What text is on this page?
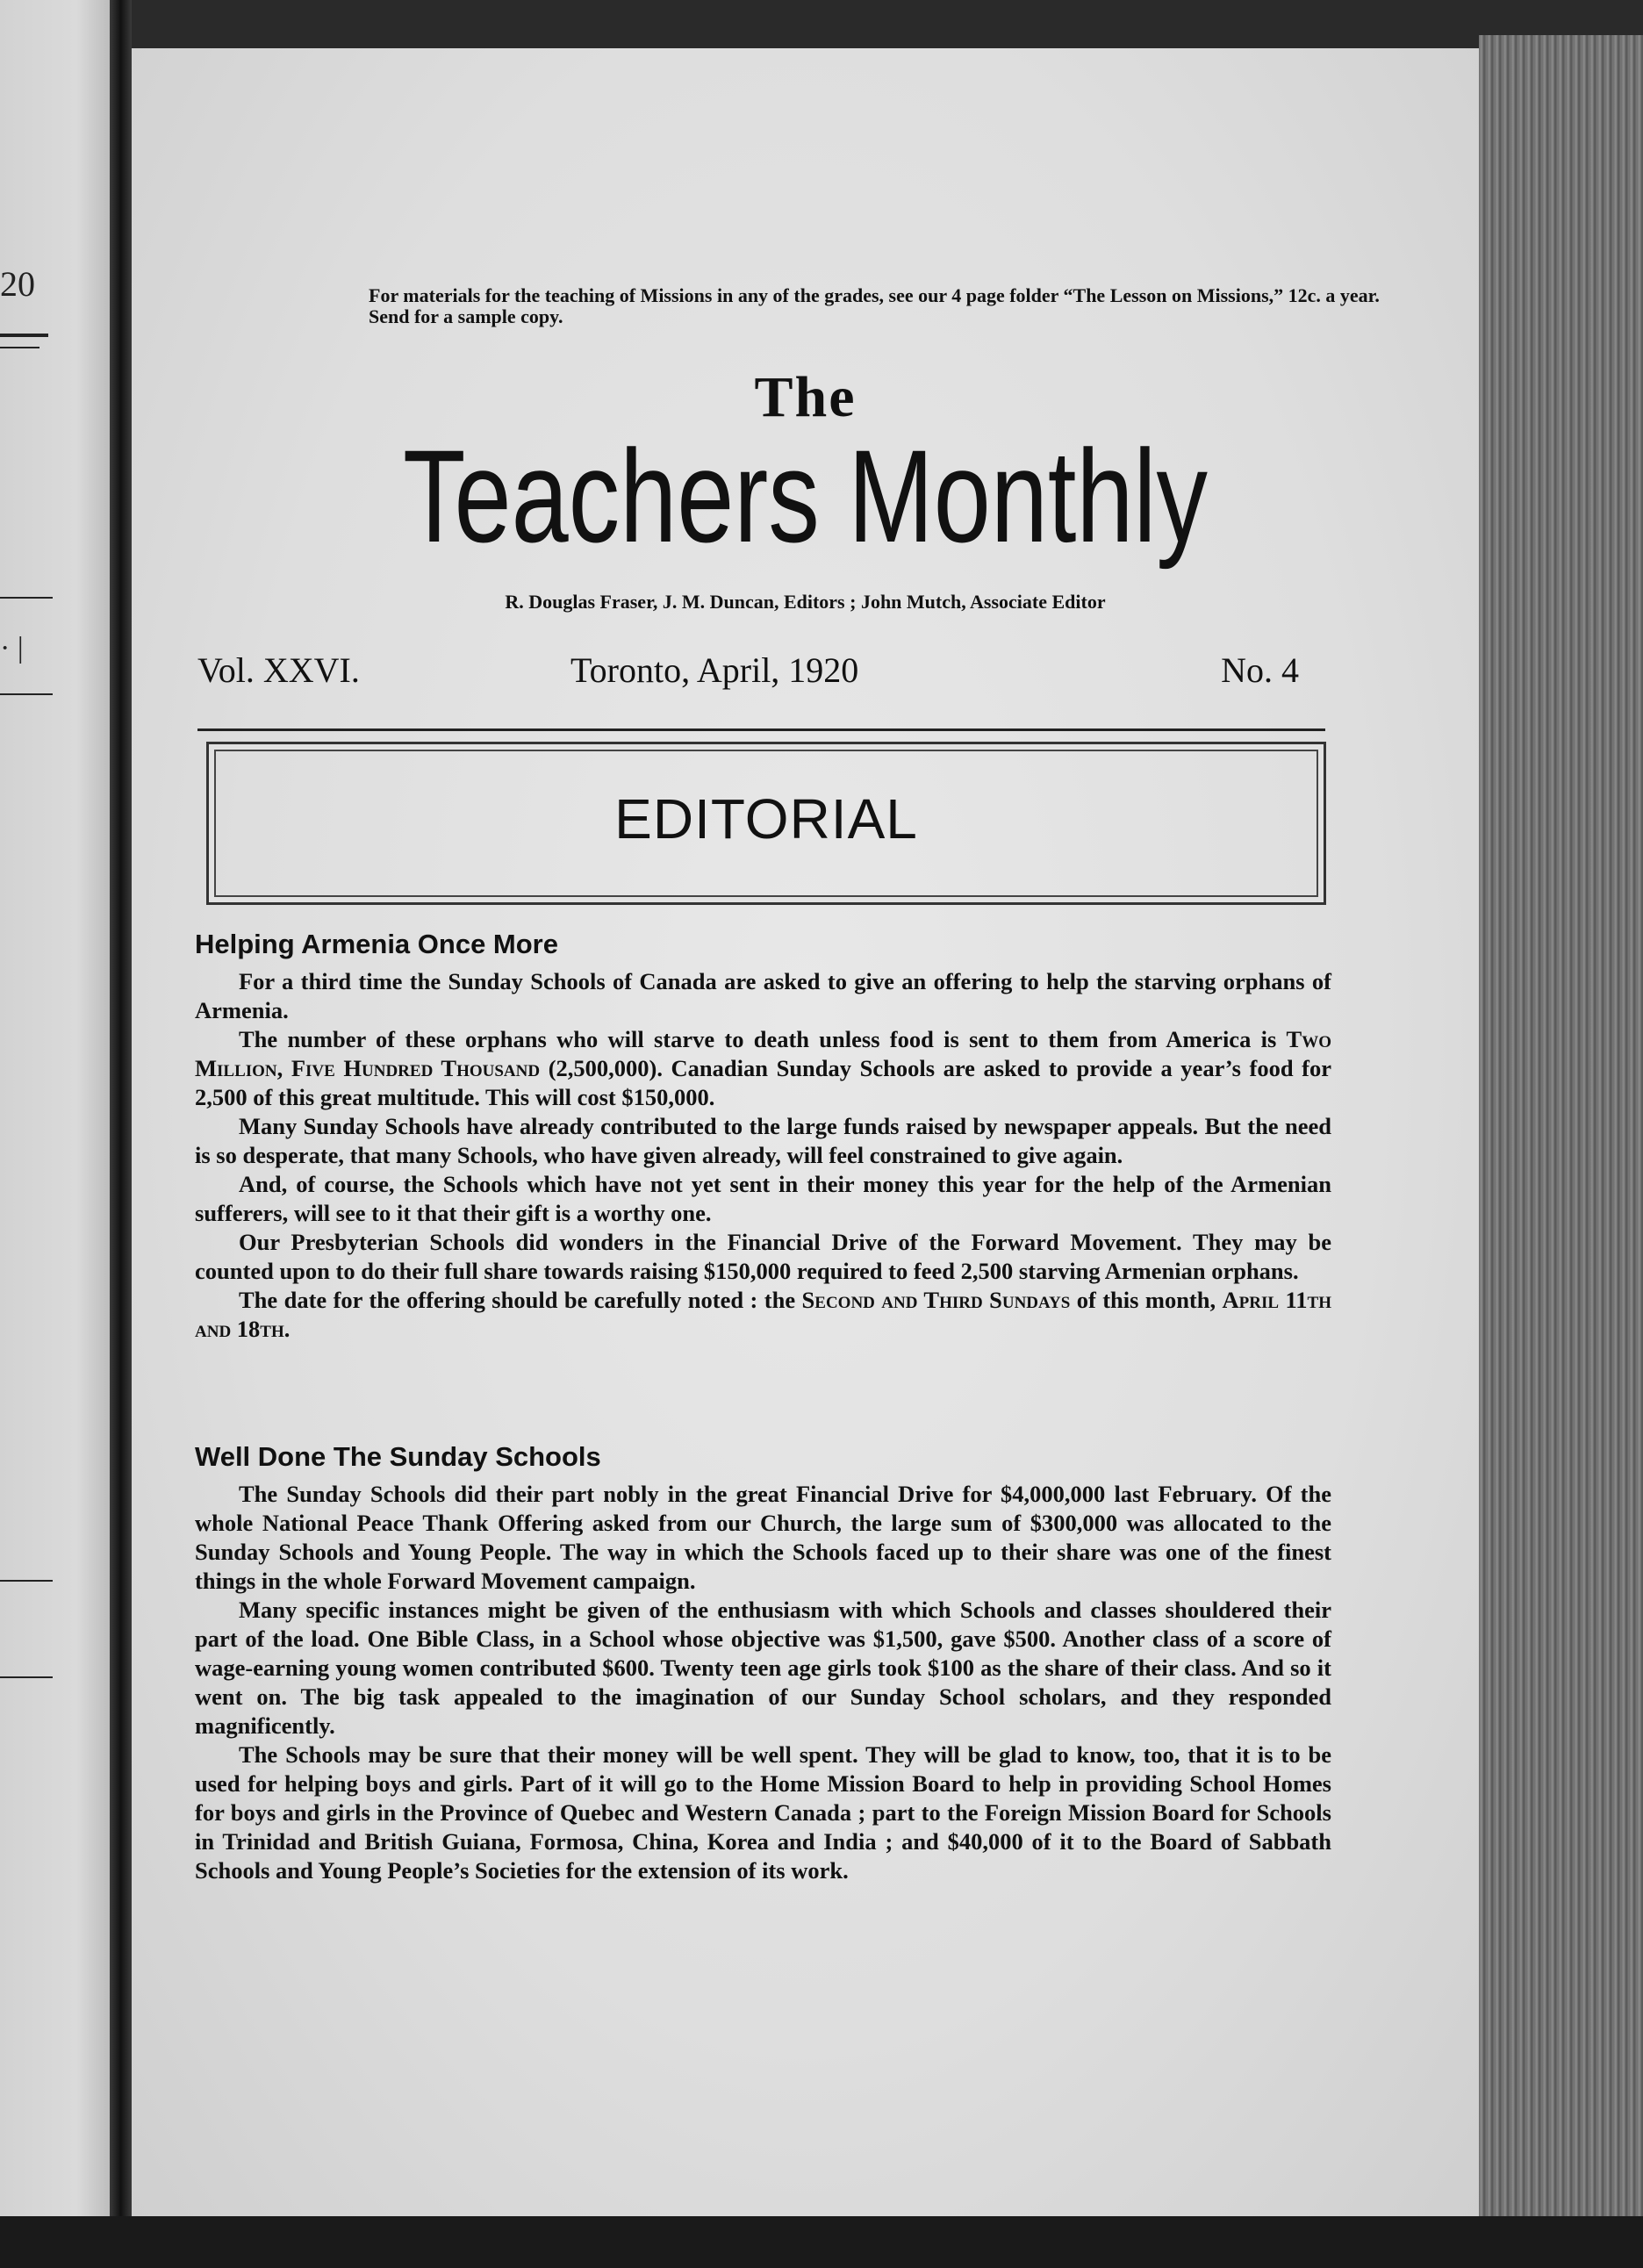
20
· |
For materials for the teaching of Missions in any of the grades, see our 4 page folder “The Lesson on Missions,” 12c. a year. Send for a sample copy.
The
Teachers Monthly
R. Douglas Fraser, J. M. Duncan, Editors ; John Mutch, Associate Editor
Vol. XXVI.	Toronto, April, 1920	No. 4
EDITORIAL
Helping Armenia Once More

For a third time the Sunday Schools of Canada are asked to give an offering to help the starving orphans of Armenia.

The number of these orphans who will starve to death unless food is sent to them from America is Two Million, Five Hundred Thousand (2,500,000). Canadian Sunday Schools are asked to provide a year’s food for 2,500 of this great multitude. This will cost $150,000.

Many Sunday Schools have already contributed to the large funds raised by newspaper appeals. But the need is so desperate, that many Schools, who have given already, will feel constrained to give again.

And, of course, the Schools which have not yet sent in their money this year for the help of the Armenian sufferers, will see to it that their gift is a worthy one.

Our Presbyterian Schools did wonders in the Financial Drive of the Forward Movement. They may be counted upon to do their full share towards raising $150,000 required to feed 2,500 starving Armenian orphans.

The date for the offering should be carefully noted : the Second and Third Sundays of this month, April 11th and 18th.

Well Done The Sunday Schools

The Sunday Schools did their part nobly in the great Financial Drive for $4,000,000 last February. Of the whole National Peace Thank Offering asked from our Church, the large sum of $300,000 was allocated to the Sunday Schools and Young People. The way in which the Schools faced up to their share was one of the finest things in the whole Forward Movement campaign.

Many specific instances might be given of the enthusiasm with which Schools and classes shouldered their part of the load. One Bible Class, in a School whose objective was $1,500, gave $500. Another class of a score of wage-earning young women contributed $600. Twenty teen age girls took $100 as the share of their class. And so it went on. The big task appealed to the imagination of our Sunday School scholars, and they responded magnificently.

The Schools may be sure that their money will be well spent. They will be glad to know, too, that it is to be used for helping boys and girls. Part of it will go to the Home Mission Board to help in providing School Homes for boys and girls in the Province of Quebec and Western Canada ; part to the Foreign Mission Board for Schools in Trinidad and British Guiana, Formosa, China, Korea and India ; and $40,000 of it to the Board of Sabbath Schools and Young People’s Societies for the extension of its work.
